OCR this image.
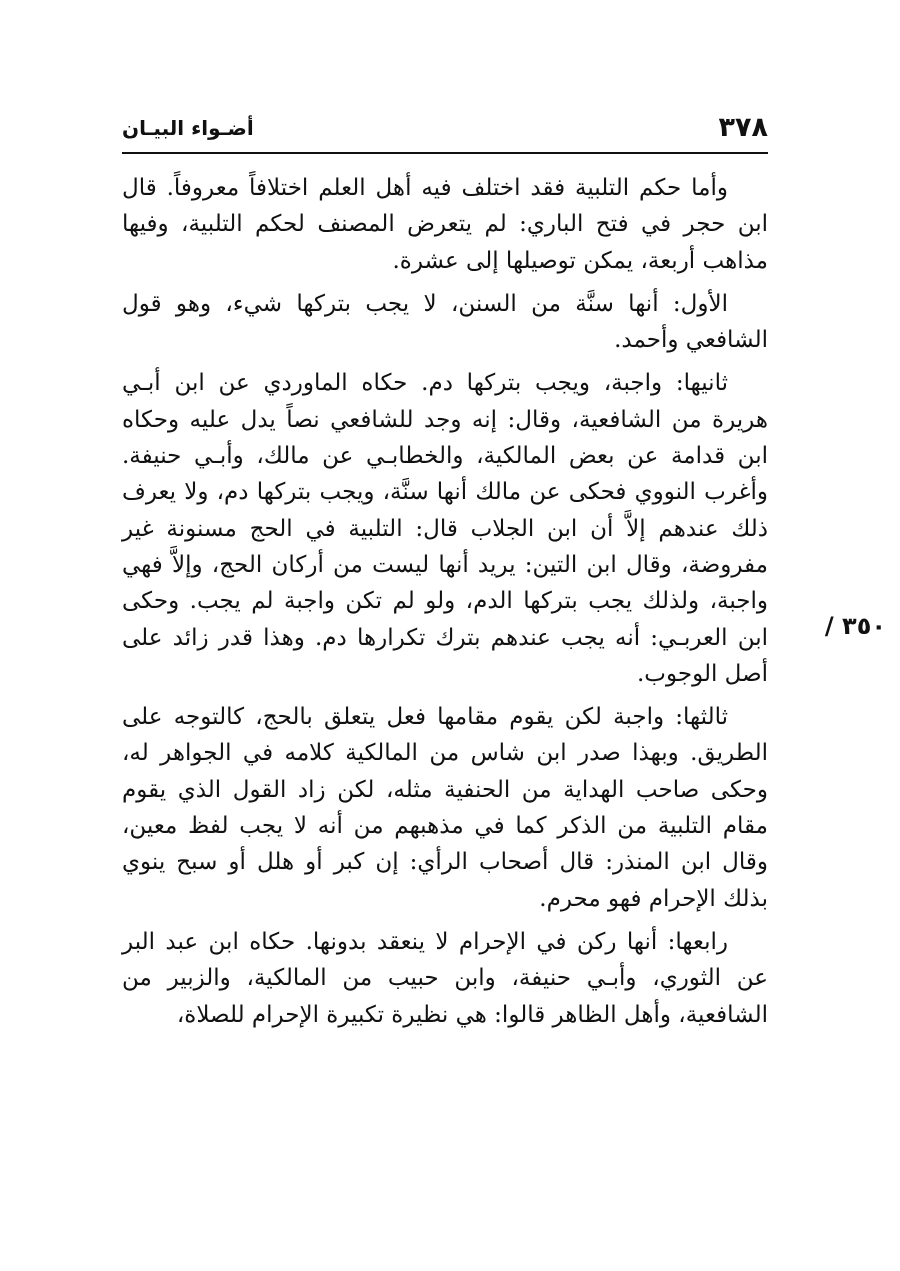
٣٧٨
أضـواء البيـان
٣٥٠ /

وأما حكم التلبية فقد اختلف فيه أهل العلم اختلافاً معروفاً. قال ابن حجر في فتح الباري: لم يتعرض المصنف لحكم التلبية، وفيها مذاهب أربعة، يمكن توصيلها إلى عشرة.

الأول: أنها سنَّة من السنن، لا يجب بتركها شيء، وهو قول الشافعي وأحمد.

ثانيها: واجبة، ويجب بتركها دم. حكاه الماوردي عن ابن أبـي هريرة من الشافعية، وقال: إنه وجد للشافعي نصاً يدل عليه وحكاه ابن قدامة عن بعض المالكية، والخطابـي عن مالك، وأبـي حنيفة. وأغرب النووي فحكى عن مالك أنها سنَّة، ويجب بتركها دم، ولا يعرف ذلك عندهم إلاَّ أن ابن الجلاب قال: التلبية في الحج مسنونة غير مفروضة، وقال ابن التين: يريد أنها ليست من أركان الحج، وإلاَّ فهي واجبة، ولذلك يجب بتركها الدم، ولو لم تكن واجبة لم يجب. وحكى ابن العربـي: أنه يجب عندهم بترك تكرارها دم. وهذا قدر زائد على أصل الوجوب.

ثالثها: واجبة لكن يقوم مقامها فعل يتعلق بالحج، كالتوجه على الطريق. وبهذا صدر ابن شاس من المالكية كلامه في الجواهر له، وحكى صاحب الهداية من الحنفية مثله، لكن زاد القول الذي يقوم مقام التلبية من الذكر كما في مذهبهم من أنه لا يجب لفظ معين، وقال ابن المنذر: قال أصحاب الرأي: إن كبر أو هلل أو سبح ينوي بذلك الإحرام فهو محرم.

رابعها: أنها ركن في الإحرام لا ينعقد بدونها. حكاه ابن عبد البر عن الثوري، وأبـي حنيفة، وابن حبيب من المالكية، والزبير من الشافعية، وأهل الظاهر قالوا: هي نظيرة تكبيرة الإحرام للصلاة،
